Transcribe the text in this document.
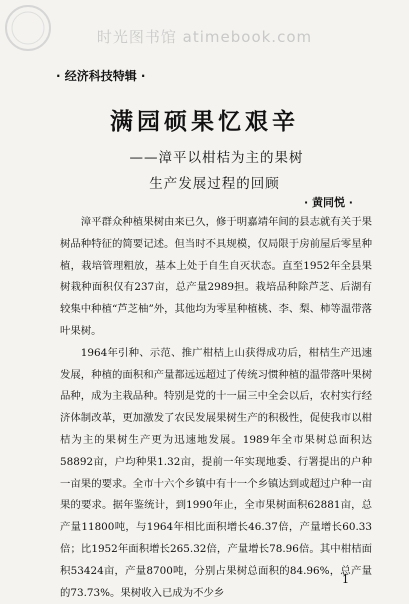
时光图书馆 atimebook.com
· 经济科技特辑 ·
满园硕果忆艰辛
——漳平以柑桔为主的果树
生产发展过程的回顾
· 黄同悦 ·

漳平群众种植果树由来已久，修于明嘉靖年间的县志就有关于果树品种特征的简要记述。但当时不具规模，仅局限于房前屋后零星种植，栽培管理粗放，基本上处于自生自灭状态。直至1952年全县果树栽种面积仅有237亩，总产量2989担。栽培品种除芦芝、后湖有较集中种植“芦芝柚”外，其他均为零星种植桃、李、梨、柿等温带落叶果树。

1964年引种、示范、推广柑桔上山获得成功后，柑桔生产迅速发展，种植的面积和产量都远远超过了传统习惯种植的温带落叶果树品种，成为主栽品种。特别是党的十一届三中全会以后，农村实行经济体制改革，更加激发了农民发展果树生产的积极性，促使我市以柑桔为主的果树生产更为迅速地发展。1989年全市果树总面积达58892亩，户均种果1.32亩，提前一年实现地委、行署提出的户种一亩果的要求。全市十六个乡镇中有十一个乡镇达到或超过户种一亩果的要求。据年鉴统计，到1990年止，全市果树面积62881亩，总产量11800吨，与1964年相比面积增长46.37倍，产量增长60.33倍；比1952年面积增长265.32倍，产量增长78.96倍。其中柑桔面积53424亩，产量8700吨，分别占果树总面积的84.96%，总产量的73.73%。果树收入已成为不少乡

1
